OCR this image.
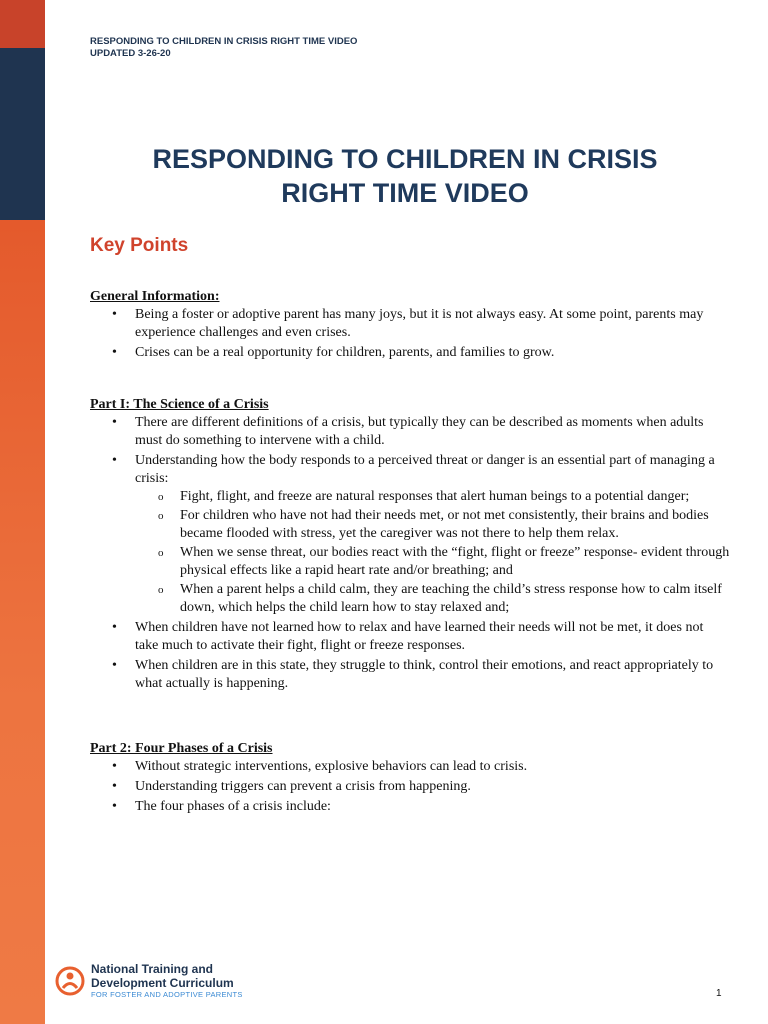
RESPONDING TO CHILDREN IN CRISIS RIGHT TIME VIDEO
UPDATED 3-26-20
RESPONDING TO CHILDREN IN CRISIS
RIGHT TIME VIDEO
Key Points

General Information:

• Being a foster or adoptive parent has many joys, but it is not always easy. At some point, parents may experience challenges and even crises.
• Crises can be a real opportunity for children, parents, and families to grow.

Part I: The Science of a Crisis

• There are different definitions of a crisis, but typically they can be described as moments when adults must do something to intervene with a child.
• Understanding how the body responds to a perceived threat or danger is an essential part of managing a crisis:
o Fight, flight, and freeze are natural responses that alert human beings to a potential danger;
o For children who have not had their needs met, or not met consistently, their brains and bodies became flooded with stress, yet the caregiver was not there to help them relax.
o When we sense threat, our bodies react with the “fight, flight or freeze” response- evident through physical effects like a rapid heart rate and/or breathing; and
o When a parent helps a child calm, they are teaching the child’s stress response how to calm itself down, which helps the child learn how to stay relaxed and;
• When children have not learned how to relax and have learned their needs will not be met, it does not take much to activate their fight, flight or freeze responses.
• When children are in this state, they struggle to think, control their emotions, and react appropriately to what actually is happening.

Part 2: Four Phases of a Crisis

• Without strategic interventions, explosive behaviors can lead to crisis.
• Understanding triggers can prevent a crisis from happening.
• The four phases of a crisis include:
National Training and
Development Curriculum
FOR FOSTER AND ADOPTIVE PARENTS	1
